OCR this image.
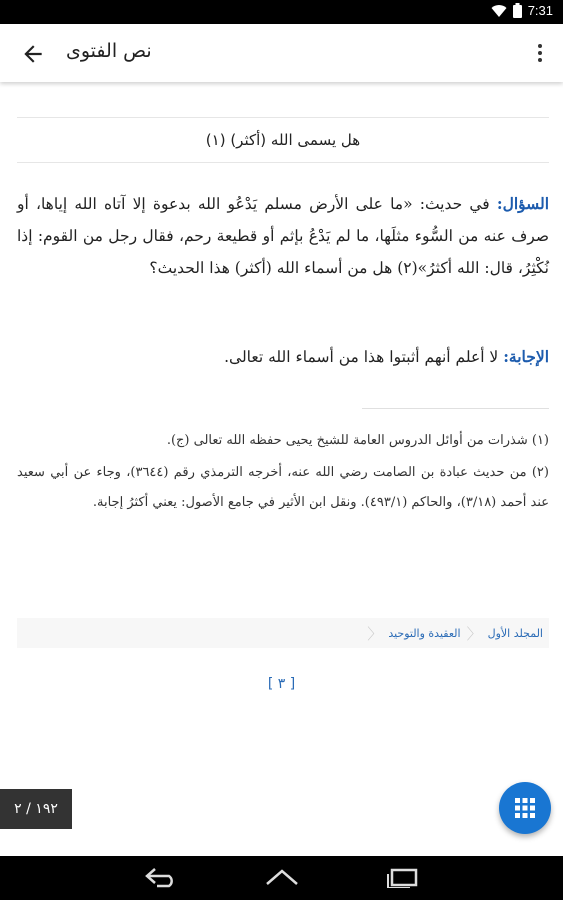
7:31
نص الفتوى
هل يسمى الله (أكثر) (١)
السؤال: في حديث: «ما على الأرض مسلم يَدْعُو الله بدعوة إلا آتاه الله إياها، أو صرف عنه من السُّوء مثلَها، ما لم يَدْعُ بإثم أو قطيعة رحم، فقال رجل من القوم: إذا نُكْثِرُ، قال: الله أكثرُ»(٢) هل من أسماء الله (أكثر) هذا الحديث؟
الإجابة: لا أعلم أنهم أثبتوا هذا من أسماء الله تعالى.
(١) شذرات من أوائل الدروس العامة للشيخ يحيى حفظه الله تعالى (ج).
(٢) من حديث عبادة بن الصامت رضي الله عنه، أخرجه الترمذي رقم (٣٦٤٤)، وجاء عن أبي سعيد عند أحمد (٣/١٨)، والحاكم (٤٩٣/١). ونقل ابن الأثير في جامع الأصول: يعني أكثرُ إجابة.
المجلد الأول
〈
العقيدة والتوحيد
〈
[ ٣ ]
١٩٢ / ٢
